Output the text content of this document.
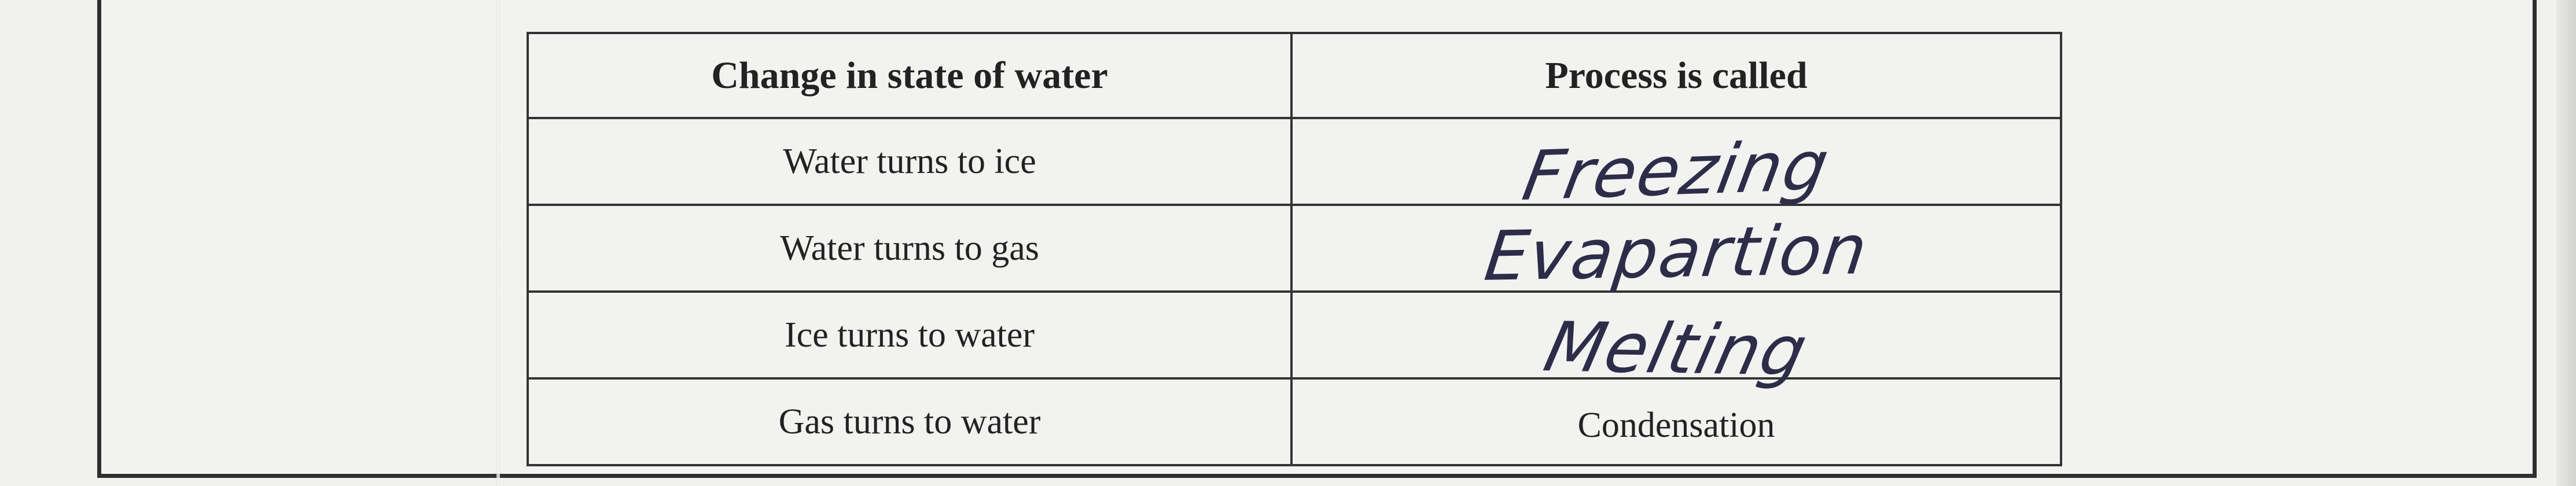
Change in state of water	Process is called
Water turns to ice	Freezing
Water turns to gas	Evapartion
Ice turns to water	Melting
Gas turns to water	Condensation
